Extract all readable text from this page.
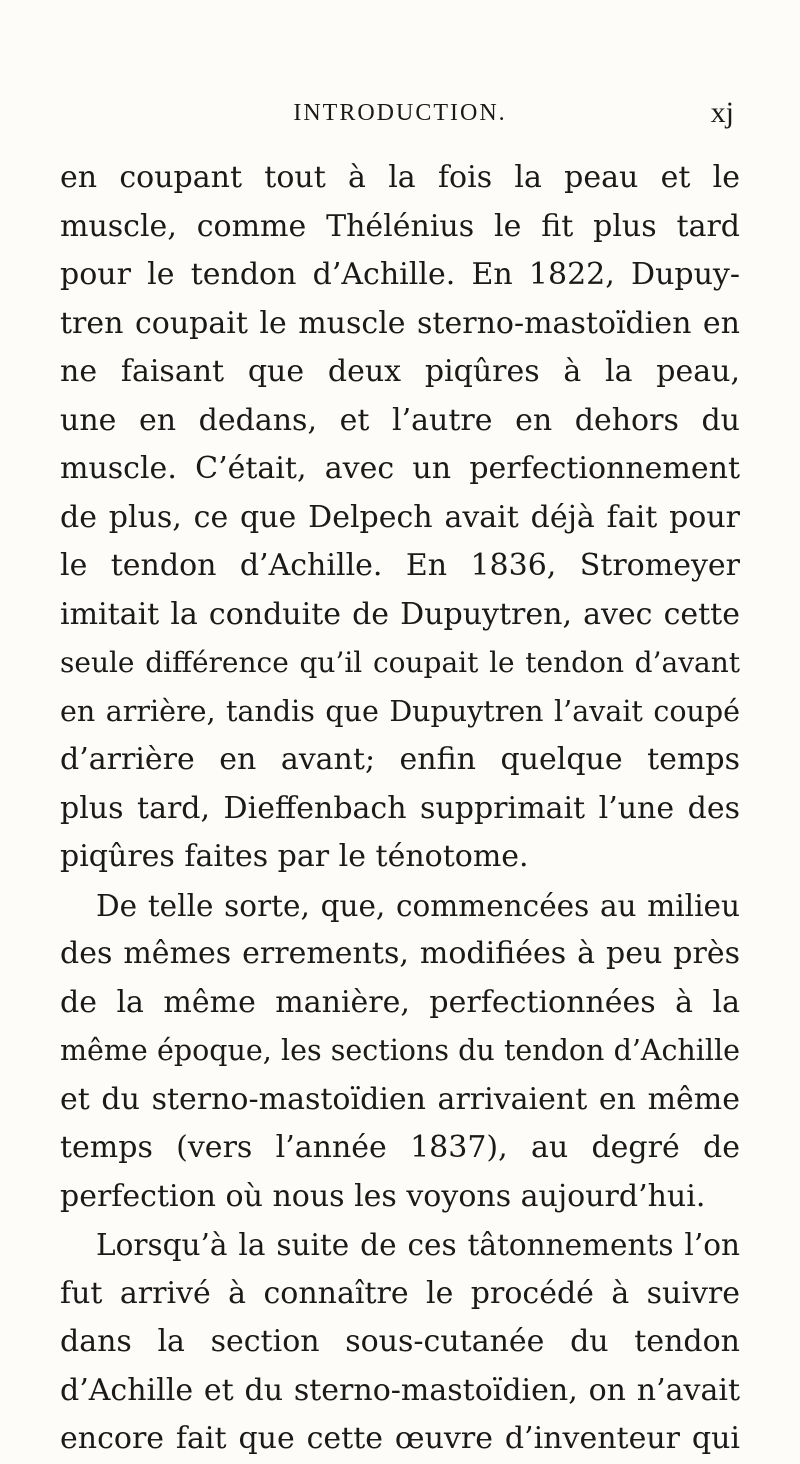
INTRODUCTION.	xj
en coupant tout à la fois la peau et le
muscle, comme Thélénius le fit plus tard
pour le tendon d’Achille. En 1822, Dupuy-
tren coupait le muscle sterno-mastoïdien en
ne faisant que deux piqûres à la peau,
une en dedans, et l’autre en dehors du
muscle. C’était, avec un perfectionnement
de plus, ce que Delpech avait déjà fait pour
le tendon d’Achille. En 1836, Stromeyer
imitait la conduite de Dupuytren, avec cette
seule différence qu’il coupait le tendon d’avant
en arrière, tandis que Dupuytren l’avait coupé
d’arrière en avant; enfin quelque temps
plus tard, Dieffenbach supprimait l’une des
piqûres faites par le ténotome.
De telle sorte, que, commencées au milieu
des mêmes errements, modifiées à peu près
de la même manière, perfectionnées à la
même époque, les sections du tendon d’Achille
et du sterno-mastoïdien arrivaient en même
temps (vers l’année 1837), au degré de
perfection où nous les voyons aujourd’hui.
Lorsqu’à la suite de ces tâtonnements l’on
fut arrivé à connaître le procédé à suivre
dans la section sous-cutanée du tendon
d’Achille et du sterno-mastoïdien, on n’avait
encore fait que cette œuvre d’inventeur qui
